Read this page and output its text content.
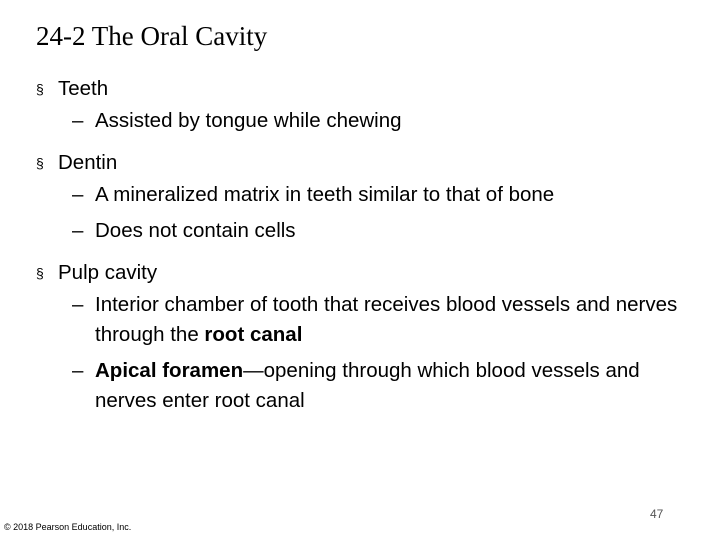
24-2 The Oral Cavity
§ Teeth
– Assisted by tongue while chewing
§ Dentin
– A mineralized matrix in teeth similar to that of bone
– Does not contain cells
§ Pulp cavity
– Interior chamber of tooth that receives blood vessels and nerves through the root canal
– Apical foramen—opening through which blood vessels and nerves enter root canal
47
© 2018 Pearson Education, Inc.
